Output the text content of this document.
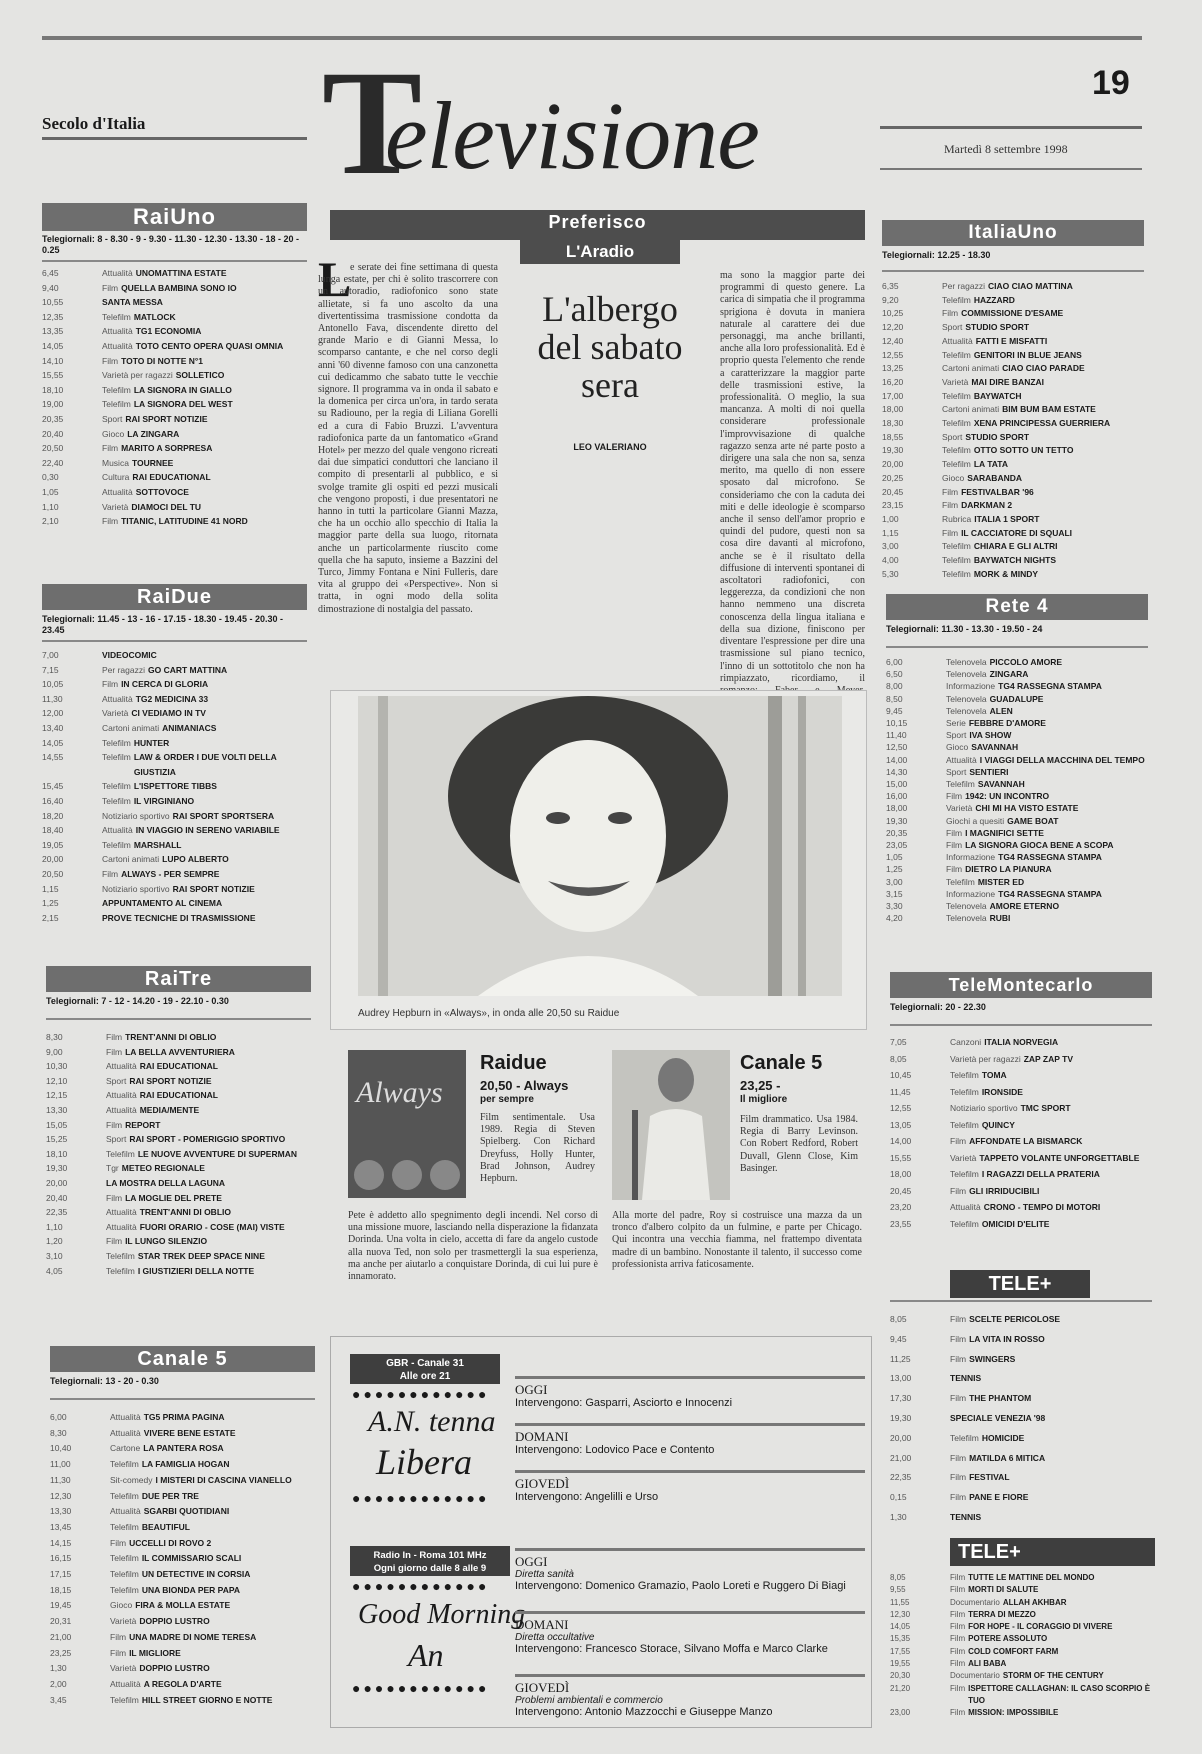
Secolo d'Italia T
elevisione	19
Martedì 8 settembre 1998
RaiUno
Telegiornali: 8 - 8.30 - 9 - 9.30 - 11.30 - 12.30 - 13.30 - 18 - 20 - 0.25
6,45	Attualità UNOMATTINA ESTATE
9,40	Film QUELLA BAMBINA SONO IO
10,55	SANTA MESSA
12,35	Telefilm MATLOCK
13,35	Attualità TG1 ECONOMIA
14,05	Attualità TOTO CENTO OPERA QUASI OMNIA
14,10	Film TOTO DI NOTTE N°1
15,55	Varietà per ragazzi SOLLETICO
18,10	Telefilm LA SIGNORA IN GIALLO
19,00	Telefilm LA SIGNORA DEL WEST
20,35	Sport RAI SPORT NOTIZIE
20,40	Gioco LA ZINGARA
20,50	Film MARITO A SORPRESA
22,40	Musica TOURNEE
0,30	Cultura RAI EDUCATIONAL
1,05	Attualità SOTTOVOCE
1,10	Varietà DIAMOCI DEL TU
2,10	Film TITANIC, LATITUDINE 41 NORD
RaiDue
Telegiornali: 11.45 - 13 - 16 - 17.15 - 18.30 - 19.45 - 20.30 - 23.45
7,00	VIDEOCOMIC
7,15	Per ragazzi GO CART MATTINA
10,05	Film IN CERCA DI GLORIA
11,30	Attualità TG2 MEDICINA 33
12,00	Varietà CI VEDIAMO IN TV
13,40	Cartoni animati ANIMANIACS
14,05	Telefilm HUNTER
14,55	Telefilm LAW & ORDER I DUE VOLTI DELLA GIUSTIZIA
15,45	Telefilm L'ISPETTORE TIBBS
16,40	Telefilm IL VIRGINIANO
18,20	Notiziario sportivo RAI SPORT SPORTSERA
18,40	Attualità IN VIAGGIO IN SERENO VARIABILE
19,05	Telefilm MARSHALL
20,00	Cartoni animati LUPO ALBERTO
20,50	Film ALWAYS - PER SEMPRE
1,15	Notiziario sportivo RAI SPORT NOTIZIE
1,25	APPUNTAMENTO AL CINEMA
2,15	PROVE TECNICHE DI TRASMISSIONE
RaiTre
Telegiornali: 7 - 12 - 14.20 - 19 - 22.10 - 0.30
8,30	Film TRENT'ANNI DI OBLIO
9,00	Film LA BELLA AVVENTURIERA
10,30	Attualità RAI EDUCATIONAL
12,10	Sport RAI SPORT NOTIZIE
12,15	Attualità RAI EDUCATIONAL
13,30	Attualità MEDIA/MENTE
15,05	Film REPORT
15,25	Sport RAI SPORT - POMERIGGIO SPORTIVO
18,10	Telefilm LE NUOVE AVVENTURE DI SUPERMAN
19,30	Tgr METEO REGIONALE
20,00	LA MOSTRA DELLA LAGUNA
20,40	Film LA MOGLIE DEL PRETE
22,35	Attualità TRENT'ANNI DI OBLIO
1,10	Attualità FUORI ORARIO - COSE (MAI) VISTE
1,20	Film IL LUNGO SILENZIO
3,10	Telefilm STAR TREK DEEP SPACE NINE
4,05	Telefilm I GIUSTIZIERI DELLA NOTTE
Canale 5
Telegiornali: 13 - 20 - 0.30
6,00	Attualità TG5 PRIMA PAGINA
8,30	Attualità VIVERE BENE ESTATE
10,40	Cartone LA PANTERA ROSA
11,00	Telefilm LA FAMIGLIA HOGAN
11,30	Sit-comedy I MISTERI DI CASCINA VIANELLO
12,30	Telefilm DUE PER TRE
13,30	Attualità SGARBI QUOTIDIANI
13,45	Telefilm BEAUTIFUL
14,15	Film UCCELLI DI ROVO 2
16,15	Telefilm IL COMMISSARIO SCALI
17,15	Telefilm UN DETECTIVE IN CORSIA
18,15	Telefilm UNA BIONDA PER PAPA
19,45	Gioco FIRA & MOLLA ESTATE
20,31	Varietà DOPPIO LUSTRO
21,00	Film UNA MADRE DI NOME TERESA
23,25	Film IL MIGLIORE
1,30	Varietà DOPPIO LUSTRO
2,00	Attualità A REGOLA D'ARTE
3,45	Telefilm HILL STREET GIORNO E NOTTE
ItaliaUno
Telegiornali: 12.25 - 18.30
6,35	Per ragazzi CIAO CIAO MATTINA
9,20	Telefilm HAZZARD
10,25	Film COMMISSIONE D'ESAME
12,20	Sport STUDIO SPORT
12,40	Attualità FATTI E MISFATTI
12,55	Telefilm GENITORI IN BLUE JEANS
13,25	Cartoni animati CIAO CIAO PARADE
16,20	Varietà MAI DIRE BANZAI
17,00	Telefilm BAYWATCH
18,00	Cartoni animati BIM BUM BAM ESTATE
18,30	Telefilm XENA PRINCIPESSA GUERRIERA
18,55	Sport STUDIO SPORT
19,30	Telefilm OTTO SOTTO UN TETTO
20,00	Telefilm LA TATA
20,25	Gioco SARABANDA
20,45	Film FESTIVALBAR '96
23,15	Film DARKMAN 2
1,00	Rubrica ITALIA 1 SPORT
1,15	Film IL CACCIATORE DI SQUALI
3,00	Telefilm CHIARA E GLI ALTRI
4,00	Telefilm BAYWATCH NIGHTS
5,30	Telefilm MORK & MINDY
Rete 4
Telegiornali: 11.30 - 13.30 - 19.50 - 24
6,00	Telenovela PICCOLO AMORE
6,50	Telenovela ZINGARA
8,00	Informazione TG4 RASSEGNA STAMPA
8,50	Telenovela GUADALUPE
9,45	Telenovela ALEN
10,15	Serie FEBBRE D'AMORE
11,40	Sport IVA SHOW
12,50	Gioco SAVANNAH
14,00	Attualità I VIAGGI DELLA MACCHINA DEL TEMPO
14,30	Sport SENTIERI
15,00	Telefilm SAVANNAH
16,00	Film 1942: UN INCONTRO
18,00	Varietà CHI MI HA VISTO ESTATE
19,30	Giochi a quesiti GAME BOAT
20,35	Film I MAGNIFICI SETTE
23,05	Film LA SIGNORA GIOCA BENE A SCOPA
1,05	Informazione TG4 RASSEGNA STAMPA
1,25	Film DIETRO LA PIANURA
3,00	Telefilm MISTER ED
3,15	Informazione TG4 RASSEGNA STAMPA
3,30	Telenovela AMORE ETERNO
4,20	Telenovela RUBI
TeleMontecarlo
Telegiornali: 20 - 22.30
7,05	Canzoni ITALIA NORVEGIA
8,05	Varietà per ragazzi ZAP ZAP TV
10,45	Telefilm TOMA
11,45	Telefilm IRONSIDE
12,55	Notiziario sportivo TMC SPORT
13,05	Telefilm QUINCY
14,00	Film AFFONDATE LA BISMARCK
15,55	Varietà TAPPETO VOLANTE UNFORGETTABLE
18,00	Telefilm I RAGAZZI DELLA PRATERIA
20,45	Film GLI IRRIDUCIBILI
23,20	Attualità CRONO - TEMPO DI MOTORI
23,55	Telefilm OMICIDI D'ELITE
TELE+
8,05	Film SCELTE PERICOLOSE
9,45	Film LA VITA IN ROSSO
11,25	Film SWINGERS
13,00	TENNIS
17,30	Film THE PHANTOM
19,30	SPECIALE VENEZIA '98
20,00	Telefilm HOMICIDE
21,00	Film MATILDA 6 MITICA
22,35	Film FESTIVAL
0,15	Film PANE E FIORE
1,30	TENNIS
TELE+
8,05	Film TUTTE LE MATTINE DEL MONDO
9,55	Film MORTI DI SALUTE
11,55	Documentario ALLAH AKHBAR
12,30	Film TERRA DI MEZZO
14,05	Film FOR HOPE - IL CORAGGIO DI VIVERE
15,35	Film POTERE ASSOLUTO
17,55	Film COLD COMFORT FARM
19,55	Film ALI BABA
20,30	Documentario STORM OF THE CENTURY
21,20	Film ISPETTORE CALLAGHAN: IL CASO SCORPIO È TUO
23,00	Film MISSION: IMPOSSIBILE
Preferisco
L'Aradio
L
e serate dei fine settimana di questa lunga estate, per chi è solito trascorrere con un autoradio, radiofonico sono state allietate, si fa uno ascolto da una divertentissima trasmissione condotta da Antonello Fava, discendente diretto del grande Mario e di Gianni Messa, lo scomparso cantante, e che nel corso degli anni '60 divenne famoso con una canzonetta cui dedicammo che sabato tutte le vecchie signore. Il programma va in onda il sabato e la domenica per circa un'ora, in tardo serata su Radiouno, per la regia di Liliana Gorelli ed a cura di Fabio Bruzzi. L'avventura radiofonica parte da un fantomatico «Grand Hotel» per mezzo del quale vengono ricreati dai due simpatici conduttori che lanciano il compito di presentarli al pubblico, e si svolge tramite gli ospiti ed pezzi musicali che vengono proposti, i due presentatori ne hanno in tutti la particolare Gianni Mazza, che ha un occhio allo specchio di Italia la maggior parte della sua luogo, ritornata anche un particolarmente riuscito come quella che ha saputo, insieme a Bazzini del Turco, Jimmy Fontana e Nini Fulleris, dare vita al gruppo dei «Perspective». Non si tratta, in ogni modo della solita dimostrazione di nostalgia del passato.
L'albergo del sabato sera
LEO VALERIANO
ma sono la maggior parte dei programmi di questo genere. La carica di simpatia che il programma sprigiona è dovuta in maniera naturale al carattere dei due personaggi, ma anche brillanti, anche alla loro professionalità. Ed è proprio questa l'elemento che rende a caratterizzare la maggior parte delle trasmissioni estive, la professionalità. O meglio, la sua mancanza. A molti di noi quella considerare professionale l'improvvisazione di qualche ragazzo senza arte né parte posto a dirigere una sala che non sa, senza merito, ma quello di non essere sposato dal microfono. Se consideriamo che con la caduta dei miti e delle ideologie è scomparso anche il senso dell'amor proprio e quindi del pudore, questi non sa cosa dire davanti al microfono, anche se è il risultato della diffusione di interventi spontanei di ascoltatori radiofonici, con leggerezza, da condizioni che non hanno nemmeno una discreta conoscenza della lingua italiana e della sua dizione, finiscono per diventare l'espressione per dire una trasmissione sul piano tecnico, l'inno di un sottotitolo che non ha rimpiazzato, ricordiamo, il
Audrey Hepburn in «Always», in onda alle 20,50 su Raidue
Always
Raidue
20,50 - Always
per sempre
Film sentimentale. Usa 1989. Regia di Steven Spielberg. Con Richard Dreyfuss, Holly Hunter, Brad Johnson, Audrey Hepburn.
Pete è addetto allo spegnimento degli incendi. Nel corso di una missione muore, lasciando nella disperazione la fidanzata Dorinda. Una volta in cielo, accetta di fare da angelo custode alla nuova Ted, non solo per trasmettergli la sua esperienza, ma anche per aiutarlo a conquistare Dorinda, di cui lui pure è innamorato.
Canale 5
23,25 -
Il migliore
Film drammatico. Usa 1984. Regia di Barry Levinson. Con Robert Redford, Robert Duvall, Glenn Close, Kim Basinger.
Alla morte del padre, Roy si costruisce una mazza da un tronco d'albero colpito da un fulmine, e parte per Chicago. Qui incontra una vecchia fiamma, nel frattempo diventata madre di un bambino. Nonostante il talento, il successo come professionista arriva faticosamente.
GBR - Canale 31
Alle ore 21
●●●●●●●●●●●●
A.N. tenna
Libera
●●●●●●●●●●●●
OGGI
Intervengono: Gasparri, Asciorto e Innocenzi
DOMANI
Intervengono: Lodovico Pace e Contento
GIOVEDÌ
Intervengono: Angelilli e Urso
Radio In - Roma 101 MHz
Ogni giorno dalle 8 alle 9
●●●●●●●●●●●●
Good Morning
An
●●●●●●●●●●●●
OGGI
Diretta sanità
Intervengono: Domenico Gramazio, Paolo Loreti e Ruggero Di Biagi
DOMANI
Diretta occultative
Intervengono: Francesco Storace, Silvano Moffa e Marco Clarke
GIOVEDÌ
Problemi ambientali e commercio
Intervengono: Antonio Mazzocchi e Giuseppe Manzo
